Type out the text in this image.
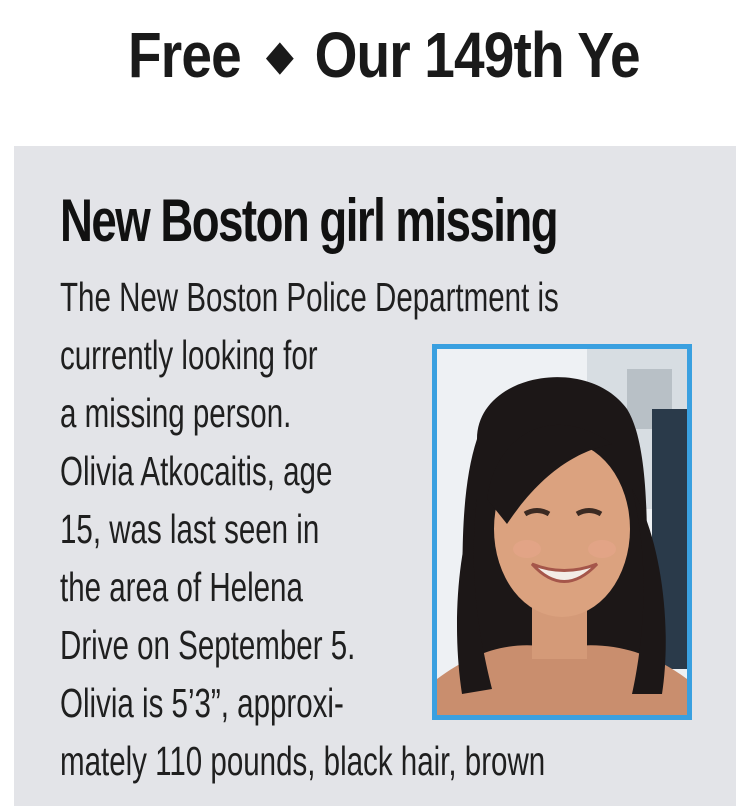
Free ◆ Our 149th Ye
New Boston girl missing
The New Boston Police Department is
currently looking for
a missing person.
Olivia Atkocaitis, age
15, was last seen in
the area of Helena
Drive on September 5.
Olivia is 5’3”, approxi-
mately 110 pounds, black hair, brown
